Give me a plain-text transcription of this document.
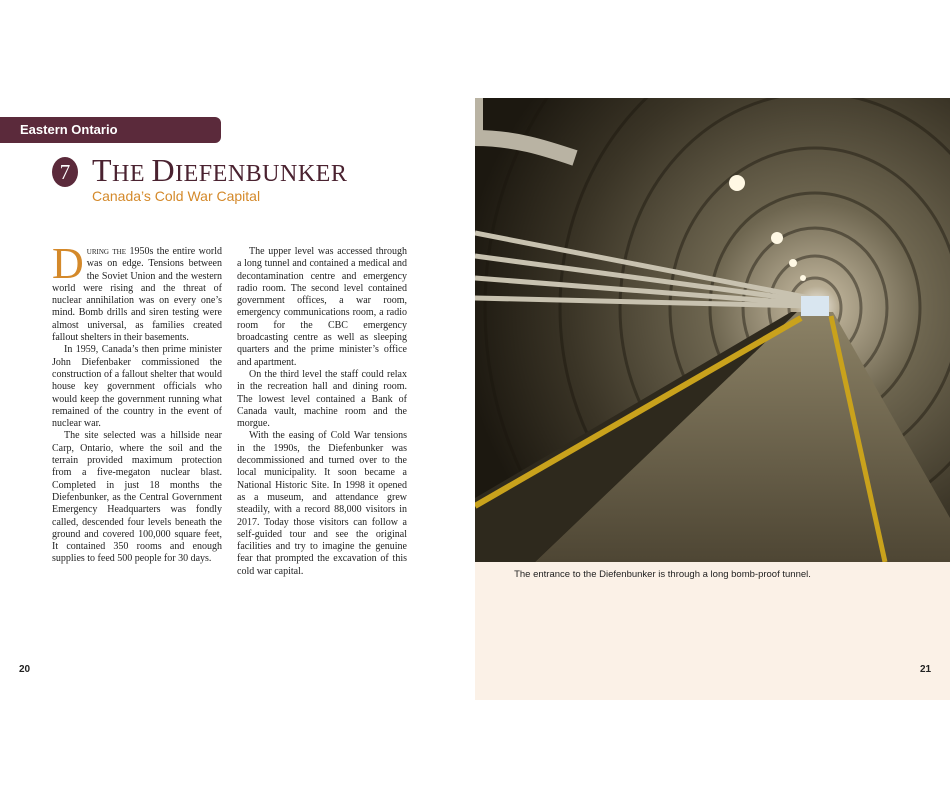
Eastern Ontario
7 THE DIEFENBUNKER
Canada’s Cold War Capital

During the 1950s the entire world was on edge. Tensions between the Soviet Union and the western world were rising and the threat of nuclear annihilation was on every one’s mind. Bomb drills and siren testing were almost universal, as families created fallout shelters in their basements.

In 1959, Canada’s then prime minister John Diefenbaker commissioned the construction of a fallout shelter that would house key government officials who would keep the government running what remained of the country in the event of nuclear war.

The site selected was a hillside near Carp, Ontario, where the soil and the terrain provided maximum protection from a five-megaton nuclear blast. Completed in just 18 months the Diefenbunker, as the Central Government Emergency Headquarters was fondly called, descended four levels beneath the ground and covered 100,000 square feet, It contained 350 rooms and enough supplies to feed 500 people for 30 days.

The upper level was accessed through a long tunnel and contained a medical and decontamination centre and emergency radio room. The second level contained government offices, a war room, emergency communications room, a radio room for the CBC emergency broadcasting centre as well as sleeping quarters and the prime minister’s office and apartment.

On the third level the staff could relax in the recreation hall and dining room. The lowest level contained a Bank of Canada vault, machine room and the morgue.

With the easing of Cold War tensions in the 1990s, the Diefenbunker was decommissioned and turned over to the local municipality. It soon became a National Historic Site. In 1998 it opened as a museum, and attendance grew steadily, with a record 88,000 visitors in 2017. Today those visitors can follow a self-guided tour and see the original facilities and try to imagine the genuine fear that prompted the excavation of this cold war capital.	The entrance to the Diefenbunker is through a long bomb-proof tunnel.
20	21
